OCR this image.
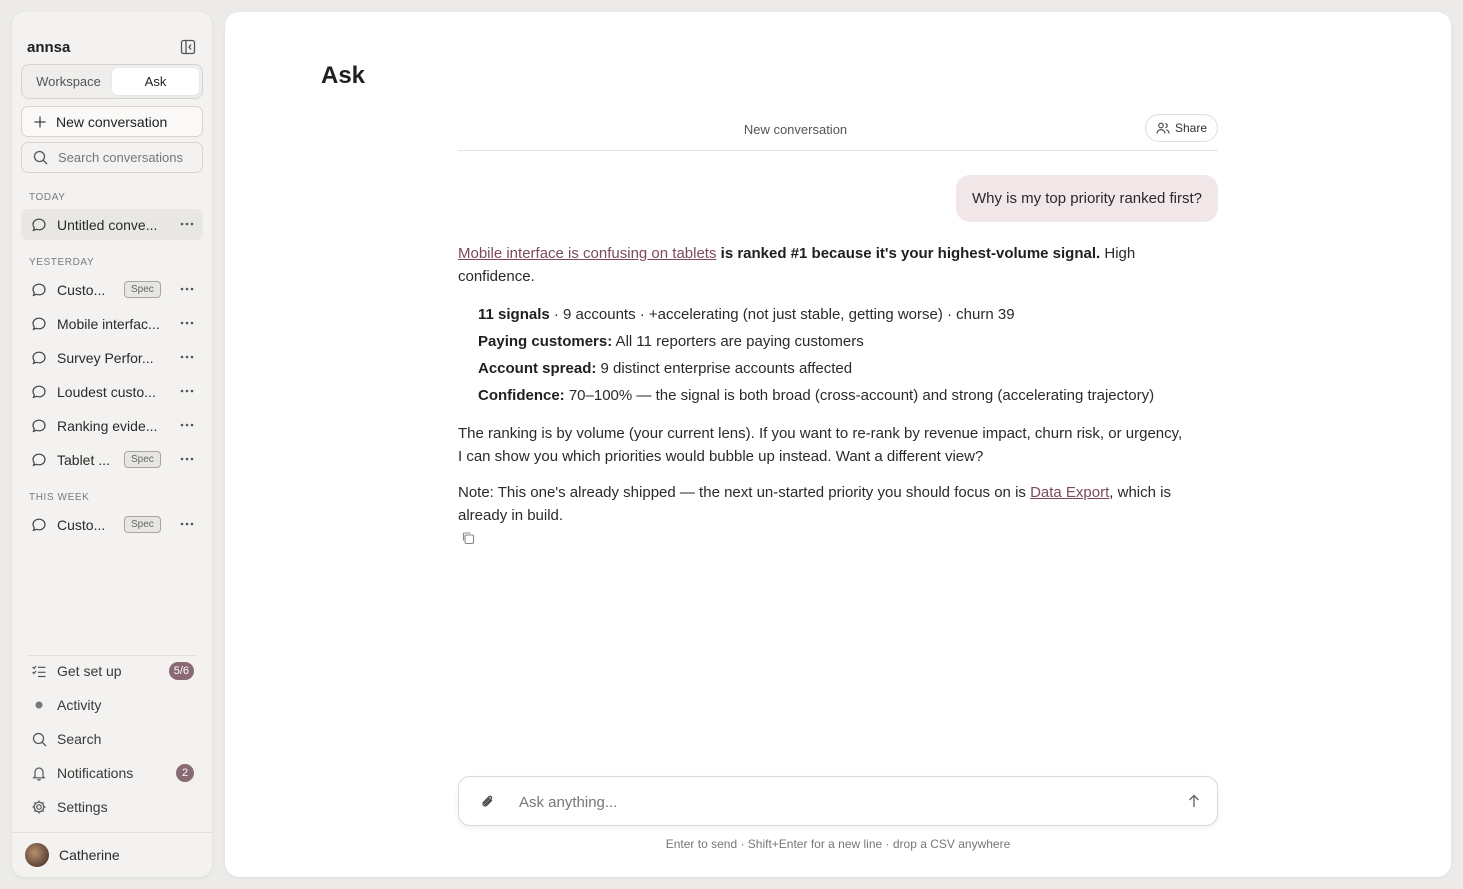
annsa
Workspace	Ask
New conversation
Search conversations
TODAY
Untitled conve...
YESTERDAY
Custo...	Spec
Mobile interfac...
Survey Perfor...
Loudest custo...
Ranking evide...
Tablet ...	Spec
THIS WEEK
Custo...	Spec
Get set up	5/6
Activity
Search
Notifications	2
Settings
Catherine
Ask
New conversation	Share
Why is my top priority ranked first?

Mobile interface is confusing on tablets is ranked #1 because it's your highest-volume signal. High confidence.

11 signals · 9 accounts · +accelerating (not just stable, getting worse) · churn 39
Paying customers: All 11 reporters are paying customers
Account spread: 9 distinct enterprise accounts affected
Confidence: 70–100% — the signal is both broad (cross-account) and strong (accelerating trajectory)

The ranking is by volume (your current lens). If you want to re-rank by revenue impact, churn risk, or urgency, I can show you which priorities would bubble up instead. Want a different view?

Note: This one's already shipped — the next un-started priority you should focus on is Data Export, which is already in build.

Ask anything...
Enter to send · Shift+Enter for a new line · drop a CSV anywhere
